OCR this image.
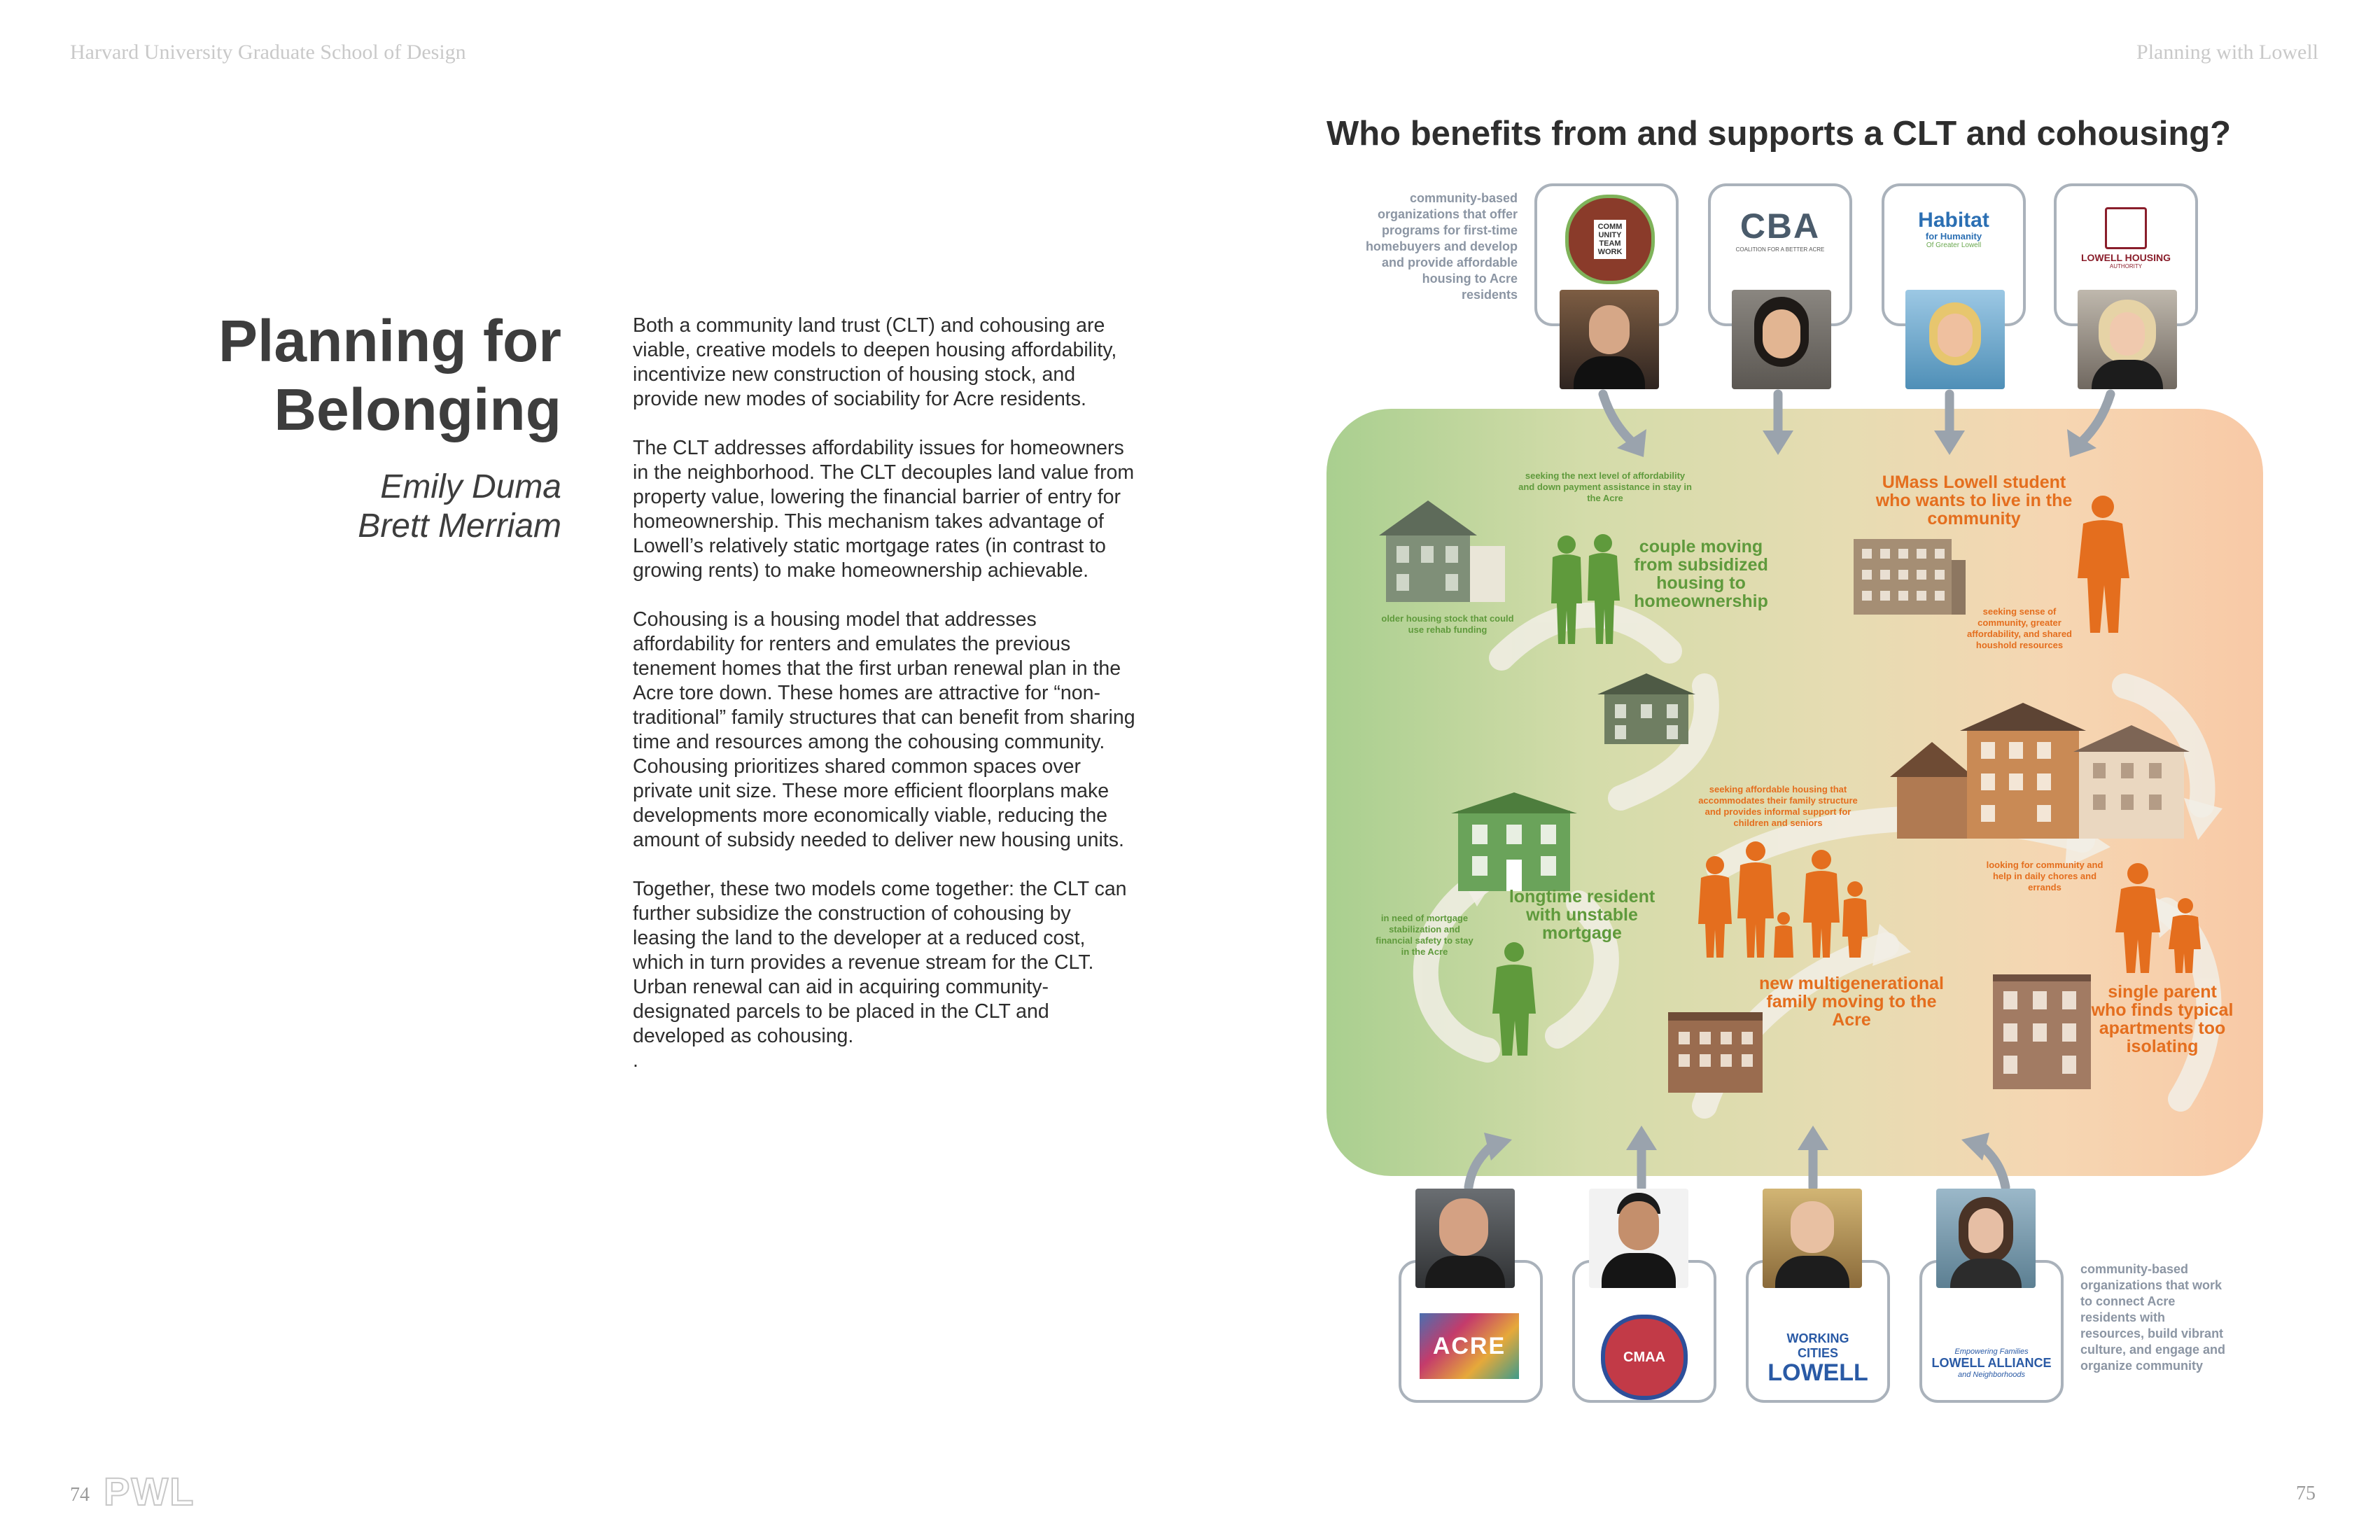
Harvard University Graduate School of Design	Planning with Lowell
Planning for
Belonging
Emily Duma
Brett Merriam

Both a community land trust (CLT) and cohousing are viable, creative models to deepen housing affordability, incentivize new construction of housing stock, and provide new modes of sociability for Acre residents.

The CLT addresses affordability issues for homeowners in the neighborhood. The CLT decouples land value from property value, lowering the financial barrier of entry for homeownership. This mechanism takes advantage of Lowell’s relatively static mortgage rates (in contrast to growing rents) to make homeownership achievable.

Cohousing is a housing model that addresses affordability for renters and emulates the previous tenement homes that the first urban renewal plan in the Acre tore down. These homes are attractive for “non-traditional” family structures that can benefit from sharing time and resources among the cohousing community. Cohousing prioritizes shared common spaces over private unit size. These more efficient floorplans make developments more economically viable, reducing the amount of subsidy needed to deliver new housing units.

Together, these two models come together: the CLT can further subsidize the construction of cohousing by leasing the land to the developer at a reduced cost, which in turn provides a revenue stream for the CLT. Urban renewal can aid in acquiring community-designated parcels to be placed in the CLT and developed as cohousing.

.
74 PWL	75
Who benefits from and supports a CLT and cohousing?
community-based organizations that offer programs for first-time homebuyers and develop and provide affordable housing to Acre residents
community-based organizations that work to connect Acre residents with resources, build vibrant culture, and engage and organize community
COMM
UNITY
TEAM
WORK
CBA
COALITION FOR A BETTER ACRE
Habitat
for Humanity
Of Greater Lowell
LOWELL HOUSING
AUTHORITY
seeking the next level of affordability and down payment assistance in stay in the Acre
couple moving from subsidized housing to homeownership
older housing stock that could use rehab funding
UMass Lowell student who wants to live in the community
seeking sense of community, greater affordability, and shared houshold resources
longtime resident with unstable mortgage
in need of mortgage stabilization and financial safety to stay in the Acre
seeking affordable housing that accommodates their family structure and provides informal support for children and seniors
new multigenerational family moving to the Acre
looking for community and help in daily chores and errands
single parent who finds typical apartments too isolating
ACRE	CMAA
WORKING
CITIES
LOWELL
Empowering Families
LOWELL ALLIANCE
and Neighborhoods
